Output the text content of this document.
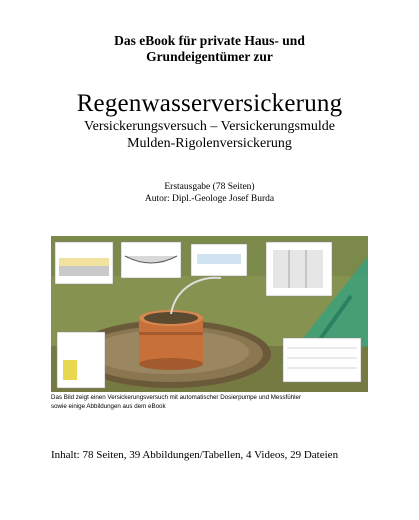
Das eBook für private Haus- und
Grundeigentümer zur
Regenwasserversickerung
Versickerungsversuch – Versickerungsmulde
Mulden-Rigolenversickerung
Erstausgabe (78 Seiten)
Autor: Dipl.-Geologe Josef Burda
Das Bild zeigt einen Versickerungsversuch mit automatischer Dosierpumpe und Messfühler
sowie einige Abbildungen aus dem eBook
Inhalt: 78 Seiten, 39 Abbildungen/Tabellen, 4 Videos, 29 Dateien
